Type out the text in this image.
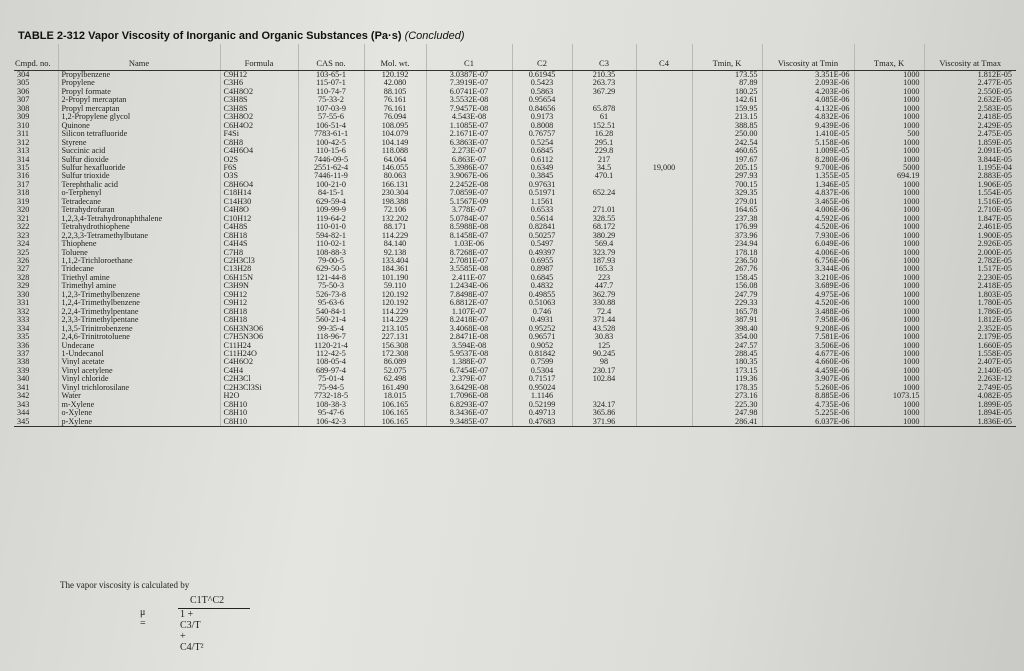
TABLE 2-312 Vapor Viscosity of Inorganic and Organic Substances (Pa·s) (Concluded)
Cmpd. no.	Name	Formula	CAS no.	Mol. wt.	C1	C2	C3	C4	Tmin, K	Viscosity at Tmin	Tmax, K	Viscosity at Tmax
304	Propylbenzene	C9H12	103-65-1	120.192	3.0387E-07	0.61945	210.35		173.55	3.351E-06	1000	1.812E-05
305	Propylene	C3H6	115-07-1	42.080	7.3919E-07	0.5423	263.73		87.89	2.093E-06	1000	2.477E-05
306	Propyl formate	C4H8O2	110-74-7	88.105	6.0741E-07	0.5863	367.29		180.25	4.203E-06	1000	2.550E-05
307	2-Propyl mercaptan	C3H8S	75-33-2	76.161	3.5532E-08	0.95654			142.61	4.085E-06	1000	2.632E-05
308	Propyl mercaptan	C3H8S	107-03-9	76.161	7.9457E-08	0.84656	65.878		159.95	4.132E-06	1000	2.583E-05
309	1,2-Propylene glycol	C3H8O2	57-55-6	76.094	4.543E-08	0.9173	61		213.15	4.832E-06	1000	2.418E-05
310	Quinone	C6H4O2	106-51-4	108.095	1.1085E-07	0.8008	152.51		388.85	9.439E-06	1000	2.429E-05
311	Silicon tetrafluoride	F4Si	7783-61-1	104.079	2.1671E-07	0.76757	16.28		250.00	1.410E-05	500	2.475E-05
312	Styrene	C8H8	100-42-5	104.149	6.3863E-07	0.5254	295.1		242.54	5.158E-06	1000	1.859E-05
313	Succinic acid	C4H6O4	110-15-6	118.088	2.273E-07	0.6845	229.8		460.65	1.009E-05	1000	2.091E-05
314	Sulfur dioxide	O2S	7446-09-5	64.064	6.863E-07	0.6112	217		197.67	8.280E-06	1000	3.844E-05
315	Sulfur hexafluoride	F6S	2551-62-4	146.055	5.3986E-07	0.6349	34.5	19,000	205.15	9.700E-06	5000	1.195E-04
316	Sulfur trioxide	O3S	7446-11-9	80.063	3.9067E-06	0.3845	470.1		297.93	1.355E-05	694.19	2.883E-05
317	Terephthalic acid	C8H6O4	100-21-0	166.131	2.2452E-08	0.97631			700.15	1.346E-05	1000	1.906E-05
318	o-Terphenyl	C18H14	84-15-1	230.304	7.0859E-07	0.51971	652.24		329.35	4.837E-06	1000	1.554E-05
319	Tetradecane	C14H30	629-59-4	198.388	5.1567E-09	1.1561			279.01	3.465E-06	1000	1.516E-05
320	Tetrahydrofuran	C4H8O	109-99-9	72.106	3.778E-07	0.6533	271.01		164.65	4.006E-06	1000	2.710E-05
321	1,2,3,4-Tetrahydronaphthalene	C10H12	119-64-2	132.202	5.0784E-07	0.5614	328.55		237.38	4.592E-06	1000	1.847E-05
322	Tetrahydrothiophene	C4H8S	110-01-0	88.171	8.5988E-08	0.82841	68.172		176.99	4.520E-06	1000	2.461E-05
323	2,2,3,3-Tetramethylbutane	C8H18	594-82-1	114.229	8.1458E-07	0.50257	380.29		373.96	7.930E-06	1000	1.900E-05
324	Thiophene	C4H4S	110-02-1	84.140	1.03E-06	0.5497	569.4		234.94	6.049E-06	1000	2.926E-05
325	Toluene	C7H8	108-88-3	92.138	8.7268E-07	0.49397	323.79		178.18	4.006E-06	1000	2.000E-05
326	1,1,2-Trichloroethane	C2H3Cl3	79-00-5	133.404	2.7081E-07	0.6955	187.93		236.50	6.756E-06	1000	2.782E-05
327	Tridecane	C13H28	629-50-5	184.361	3.5585E-08	0.8987	165.3		267.76	3.344E-06	1000	1.517E-05
328	Triethyl amine	C6H15N	121-44-8	101.190	2.411E-07	0.6845	223		158.45	3.210E-06	1000	2.230E-05
329	Trimethyl amine	C3H9N	75-50-3	59.110	1.2434E-06	0.4832	447.7		156.08	3.689E-06	1000	2.418E-05
330	1,2,3-Trimethylbenzene	C9H12	526-73-8	120.192	7.8498E-07	0.49855	362.79		247.79	4.975E-06	1000	1.803E-05
331	1,2,4-Trimethylbenzene	C9H12	95-63-6	120.192	6.8812E-07	0.51063	330.88		229.33	4.520E-06	1000	1.780E-05
332	2,2,4-Trimethylpentane	C8H18	540-84-1	114.229	1.107E-07	0.746	72.4		165.78	3.488E-06	1000	1.786E-05
333	2,3,3-Trimethylpentane	C8H18	560-21-4	114.229	8.2418E-07	0.4931	371.44		387.91	7.958E-06	1000	1.812E-05
334	1,3,5-Trinitrobenzene	C6H3N3O6	99-35-4	213.105	3.4068E-08	0.95252	43.528		398.40	9.208E-06	1000	2.352E-05
335	2,4,6-Trinitrotoluene	C7H5N3O6	118-96-7	227.131	2.8471E-08	0.96571	30.83		354.00	7.581E-06	1000	2.179E-05
336	Undecane	C11H24	1120-21-4	156.308	3.594E-08	0.9052	125		247.57	3.506E-06	1000	1.660E-05
337	1-Undecanol	C11H24O	112-42-5	172.308	5.9537E-08	0.81842	90.245		288.45	4.677E-06	1000	1.558E-05
338	Vinyl acetate	C4H6O2	108-05-4	86.089	1.388E-07	0.7599	98		180.35	4.660E-06	1000	2.407E-05
339	Vinyl acetylene	C4H4	689-97-4	52.075	6.7454E-07	0.5304	230.17		173.15	4.459E-06	1000	2.140E-05
340	Vinyl chloride	C2H3Cl	75-01-4	62.498	2.379E-07	0.71517	102.84		119.36	3.907E-06	1000	2.263E-12
341	Vinyl trichlorosilane	C2H3Cl3Si	75-94-5	161.490	3.6429E-08	0.95024			178.35	5.260E-06	1000	2.749E-05
342	Water	H2O	7732-18-5	18.015	1.7096E-08	1.1146			273.16	8.885E-06	1073.15	4.082E-05
343	m-Xylene	C8H10	108-38-3	106.165	6.8293E-07	0.52199	324.17		225.30	4.735E-06	1000	1.899E-05
344	o-Xylene	C8H10	95-47-6	106.165	8.3436E-07	0.49713	365.86		247.98	5.225E-06	1000	1.894E-05
345	p-Xylene	C8H10	106-42-3	106.165	9.3485E-07	0.47683	371.96		286.41	6.037E-06	1000	1.836E-05
The vapor viscosity is calculated by
μ =
C1T^C2
1 + C3/T + C4/T²
